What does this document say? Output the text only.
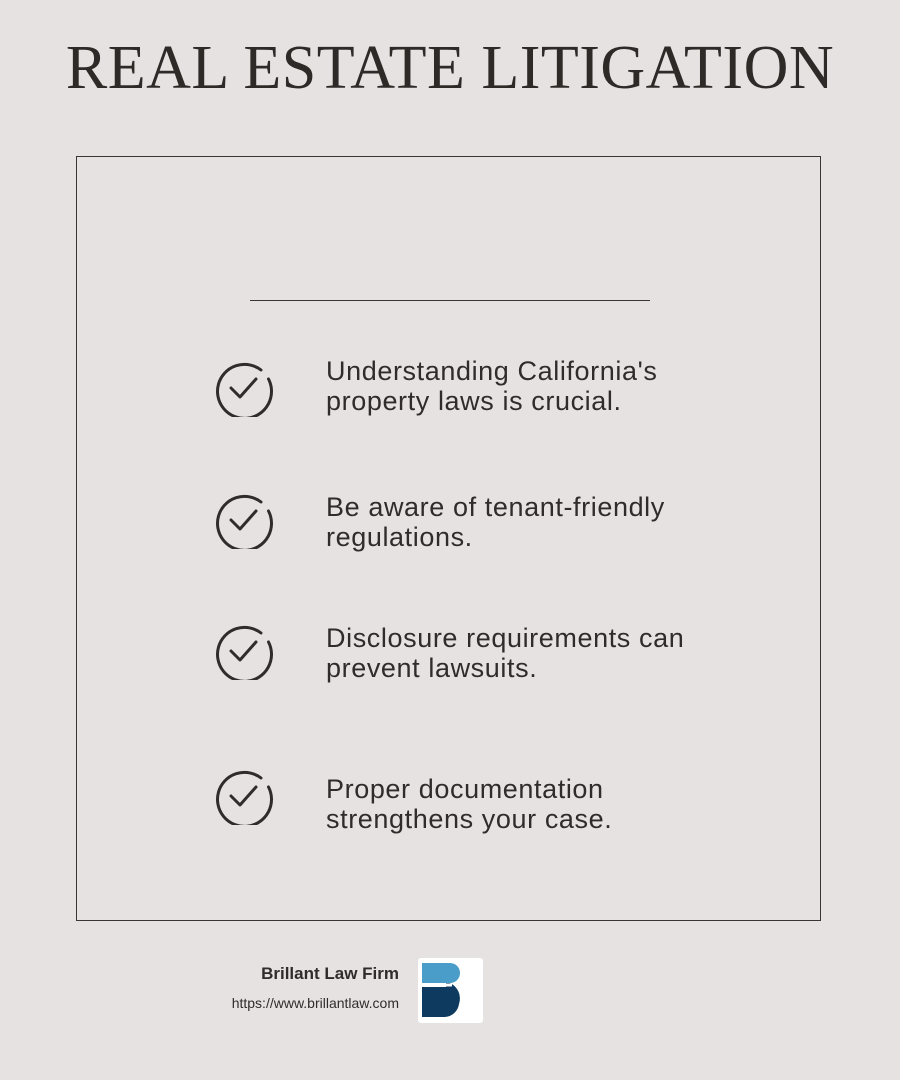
REAL ESTATE LITIGATION
Understanding California's property laws is crucial.
Be aware of tenant-friendly regulations.
Disclosure requirements can prevent lawsuits.
Proper documentation strengthens your case.
Brillant Law Firm
https://www.brillantlaw.com
